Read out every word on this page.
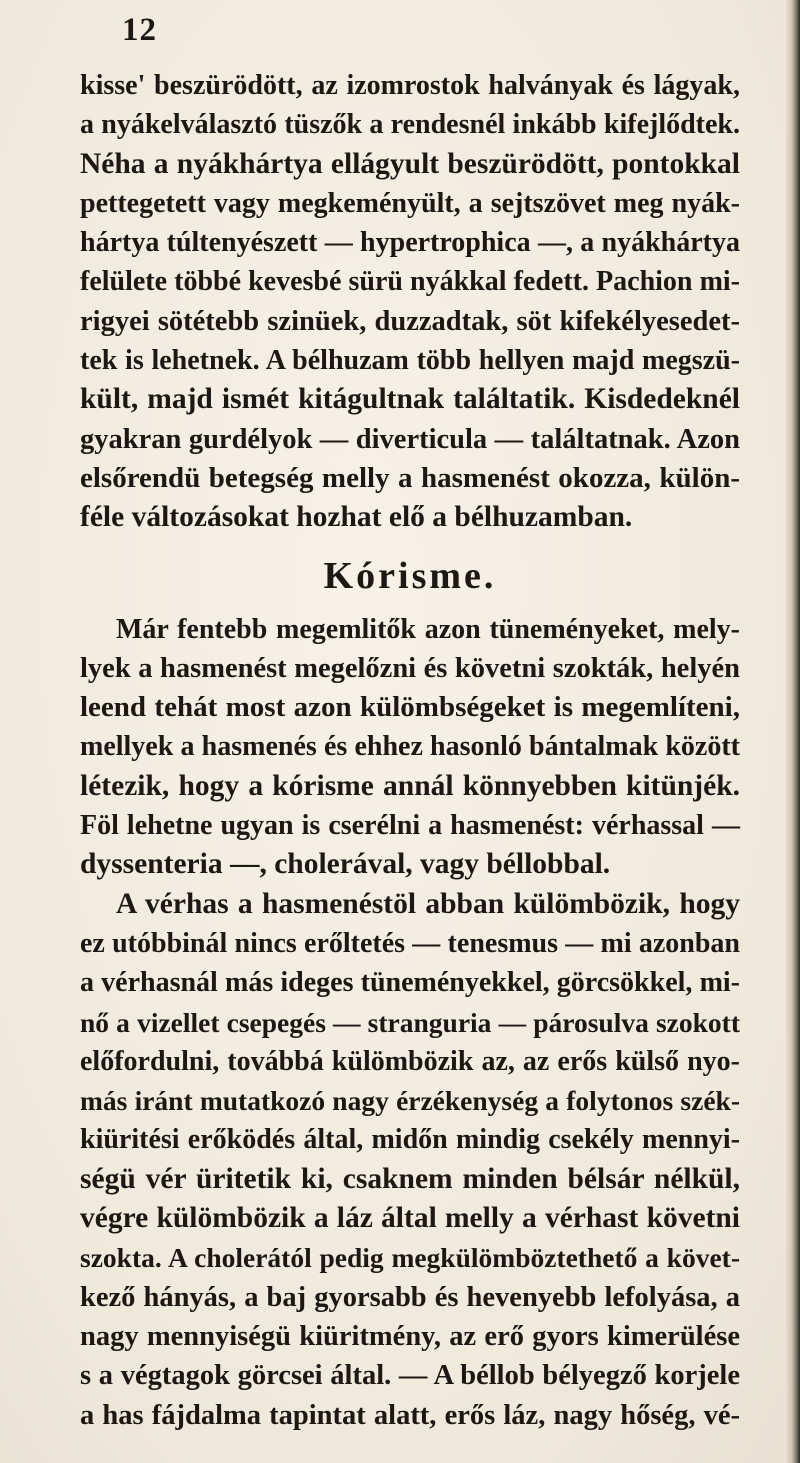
12
kisse' beszürödött, az izomrostok halványak és lágyak,
a nyákelválasztó tüszők a rendesnél inkább kifejlődtek.
Néha a nyákhártya ellágyult beszürödött, pontokkal
pettegetett vagy megkeményült, a sejtszövet meg nyák-
hártya túltenyészett — hypertrophica —, a nyákhártya
felülete többé kevesbé sürü nyákkal fedett. Pachion mi-
rigyei sötétebb szinüek, duzzadtak, söt kifekélyesedet-
tek is lehetnek. A bélhuzam több hellyen majd megszü-
kült, majd ismét kitágultnak találtatik. Kisdedeknél
gyakran gurdélyok — diverticula — találtatnak. Azon
elsőrendü betegség melly a hasmenést okozza, külön-
féle változásokat hozhat elő a bélhuzamban.
Kórisme.
Már fentebb megemlitők azon tüneményeket, mely-
lyek a hasmenést megelőzni és követni szokták, helyén
leend tehát most azon külömbségeket is megemlíteni,
mellyek a hasmenés és ehhez hasonló bántalmak között
létezik, hogy a kórisme annál könnyebben kitünjék.
Föl lehetne ugyan is cserélni a hasmenést: vérhassal —
dyssenteria —, cholerával, vagy béllobbal.
A vérhas a hasmenéstöl abban külömbözik, hogy
ez utóbbinál nincs erőltetés — tenesmus — mi azonban
a vérhasnál más ideges tüneményekkel, görcsökkel, mi-
nő a vizellet csepegés — stranguria — párosulva szokott
előfordulni, továbbá külömbözik az, az erős külső nyo-
más iránt mutatkozó nagy érzékenység a folytonos szék-
kiüritési erőködés által, midőn mindig csekély mennyi-
ségü vér üritetik ki, csaknem minden bélsár nélkül,
végre külömbözik a láz által melly a vérhast követni
szokta. A cholerától pedig megkülömböztethető a követ-
kező hányás, a baj gyorsabb és hevenyebb lefolyása, a
nagy mennyiségü kiüritmény, az erő gyors kimerülése
s a végtagok görcsei által. — A béllob bélyegző korjele
a has fájdalma tapintat alatt, erős láz, nagy hőség, vé-
